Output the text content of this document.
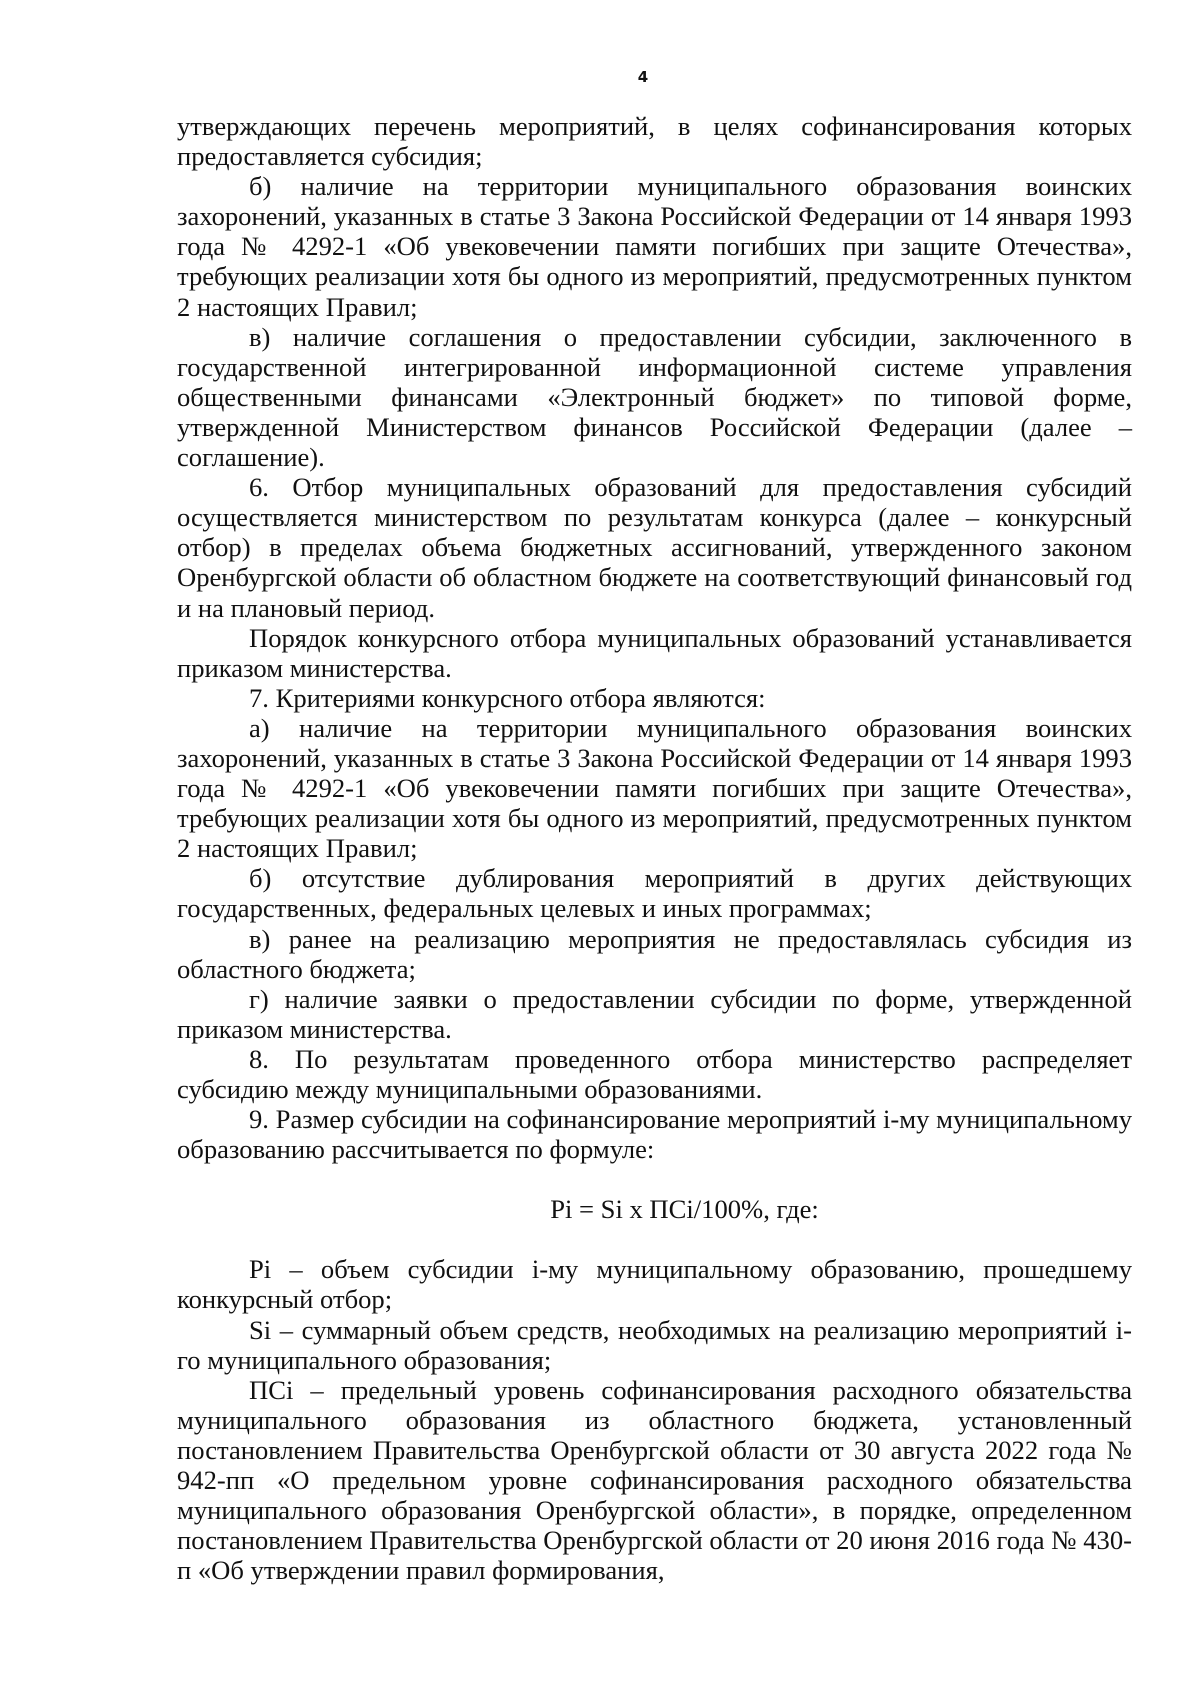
4

утверждающих перечень мероприятий, в целях софинансирования которых предоставляется субсидия;

б) наличие на территории муниципального образования воинских захоронений, указанных в статье 3 Закона Российской Федерации от 14 января 1993 года № 4292-1 «Об увековечении памяти погибших при защите Отечества», требующих реализации хотя бы одного из мероприятий, предусмотренных пунктом 2 настоящих Правил;

в) наличие соглашения о предоставлении субсидии, заключенного в государственной интегрированной информационной системе управления общественными финансами «Электронный бюджет» по типовой форме, утвержденной Министерством финансов Российской Федерации (далее – соглашение).

6. Отбор муниципальных образований для предоставления субсидий осуществляется министерством по результатам конкурса (далее – конкурсный отбор) в пределах объема бюджетных ассигнований, утвержденного законом Оренбургской области об областном бюджете на соответствующий финансовый год и на плановый период.

Порядок конкурсного отбора муниципальных образований устанавливается приказом министерства.

7. Критериями конкурсного отбора являются:

а) наличие на территории муниципального образования воинских захоронений, указанных в статье 3 Закона Российской Федерации от 14 января 1993 года № 4292-1 «Об увековечении памяти погибших при защите Отечества», требующих реализации хотя бы одного из мероприятий, предусмотренных пунктом 2 настоящих Правил;

б) отсутствие дублирования мероприятий в других действующих государственных, федеральных целевых и иных программах;

в) ранее на реализацию мероприятия не предоставлялась субсидия из областного бюджета;

г) наличие заявки о предоставлении субсидии по форме, утвержденной приказом министерства.

8. По результатам проведенного отбора министерство распределяет субсидию между муниципальными образованиями.

9. Размер субсидии на софинансирование мероприятий i-му муниципальному образованию рассчитывается по формуле:

Pi = Si x ПСi/100%, где:

Pi – объем субсидии i-му муниципальному образованию, прошедшему конкурсный отбор;

Si – суммарный объем средств, необходимых на реализацию мероприятий i-го муниципального образования;

ПСi – предельный уровень софинансирования расходного обязательства муниципального образования из областного бюджета, установленный постановлением Правительства Оренбургской области от 30 августа 2022 года № 942-пп «О предельном уровне софинансирования расходного обязательства муниципального образования Оренбургской области», в порядке, определенном постановлением Правительства Оренбургской области от 20 июня 2016 года № 430-п «Об утверждении правил формирования,
